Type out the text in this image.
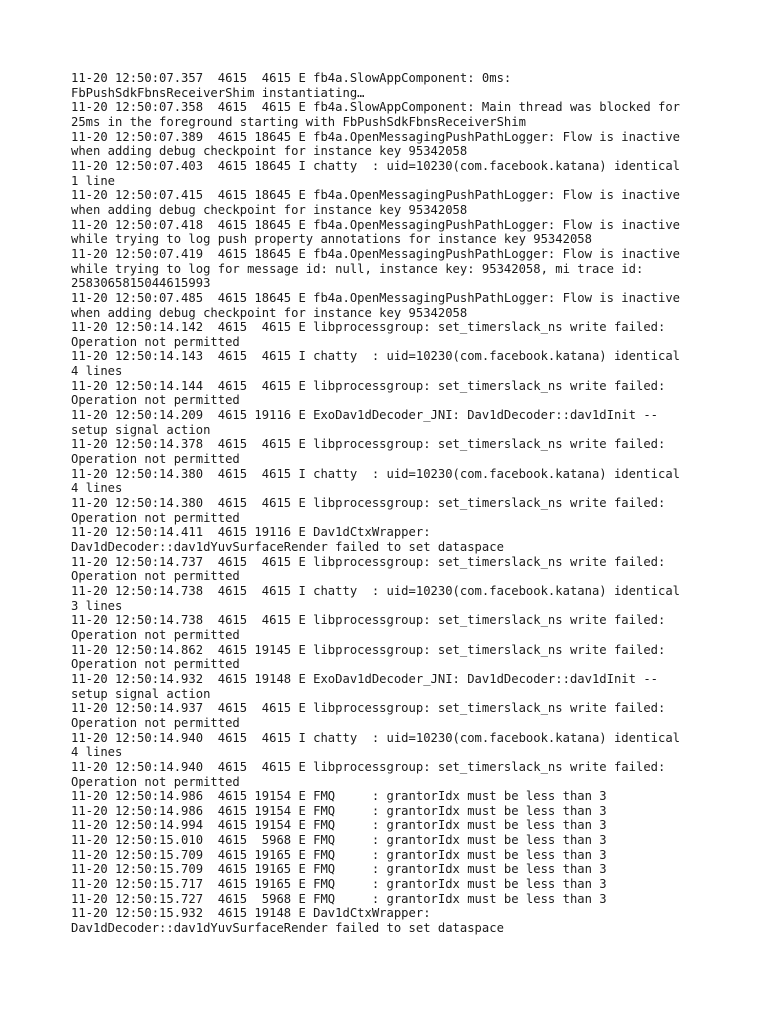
11-20 12:50:07.357  4615  4615 E fb4a.SlowAppComponent: 0ms:
FbPushSdkFbnsReceiverShim instantiating…
11-20 12:50:07.358  4615  4615 E fb4a.SlowAppComponent: Main thread was blocked for
25ms in the foreground starting with FbPushSdkFbnsReceiverShim
11-20 12:50:07.389  4615 18645 E fb4a.OpenMessagingPushPathLogger: Flow is inactive
when adding debug checkpoint for instance key 95342058
11-20 12:50:07.403  4615 18645 I chatty  : uid=10230(com.facebook.katana) identical
1 line
11-20 12:50:07.415  4615 18645 E fb4a.OpenMessagingPushPathLogger: Flow is inactive
when adding debug checkpoint for instance key 95342058
11-20 12:50:07.418  4615 18645 E fb4a.OpenMessagingPushPathLogger: Flow is inactive
while trying to log push property annotations for instance key 95342058
11-20 12:50:07.419  4615 18645 E fb4a.OpenMessagingPushPathLogger: Flow is inactive
while trying to log for message id: null, instance key: 95342058, mi trace id:
2583065815044615993
11-20 12:50:07.485  4615 18645 E fb4a.OpenMessagingPushPathLogger: Flow is inactive
when adding debug checkpoint for instance key 95342058
11-20 12:50:14.142  4615  4615 E libprocessgroup: set_timerslack_ns write failed:
Operation not permitted
11-20 12:50:14.143  4615  4615 I chatty  : uid=10230(com.facebook.katana) identical
4 lines
11-20 12:50:14.144  4615  4615 E libprocessgroup: set_timerslack_ns write failed:
Operation not permitted
11-20 12:50:14.209  4615 19116 E ExoDav1dDecoder_JNI: Dav1dDecoder::dav1dInit --
setup signal action
11-20 12:50:14.378  4615  4615 E libprocessgroup: set_timerslack_ns write failed:
Operation not permitted
11-20 12:50:14.380  4615  4615 I chatty  : uid=10230(com.facebook.katana) identical
4 lines
11-20 12:50:14.380  4615  4615 E libprocessgroup: set_timerslack_ns write failed:
Operation not permitted
11-20 12:50:14.411  4615 19116 E Dav1dCtxWrapper:
Dav1dDecoder::dav1dYuvSurfaceRender failed to set dataspace
11-20 12:50:14.737  4615  4615 E libprocessgroup: set_timerslack_ns write failed:
Operation not permitted
11-20 12:50:14.738  4615  4615 I chatty  : uid=10230(com.facebook.katana) identical
3 lines
11-20 12:50:14.738  4615  4615 E libprocessgroup: set_timerslack_ns write failed:
Operation not permitted
11-20 12:50:14.862  4615 19145 E libprocessgroup: set_timerslack_ns write failed:
Operation not permitted
11-20 12:50:14.932  4615 19148 E ExoDav1dDecoder_JNI: Dav1dDecoder::dav1dInit --
setup signal action
11-20 12:50:14.937  4615  4615 E libprocessgroup: set_timerslack_ns write failed:
Operation not permitted
11-20 12:50:14.940  4615  4615 I chatty  : uid=10230(com.facebook.katana) identical
4 lines
11-20 12:50:14.940  4615  4615 E libprocessgroup: set_timerslack_ns write failed:
Operation not permitted
11-20 12:50:14.986  4615 19154 E FMQ     : grantorIdx must be less than 3
11-20 12:50:14.986  4615 19154 E FMQ     : grantorIdx must be less than 3
11-20 12:50:14.994  4615 19154 E FMQ     : grantorIdx must be less than 3
11-20 12:50:15.010  4615  5968 E FMQ     : grantorIdx must be less than 3
11-20 12:50:15.709  4615 19165 E FMQ     : grantorIdx must be less than 3
11-20 12:50:15.709  4615 19165 E FMQ     : grantorIdx must be less than 3
11-20 12:50:15.717  4615 19165 E FMQ     : grantorIdx must be less than 3
11-20 12:50:15.727  4615  5968 E FMQ     : grantorIdx must be less than 3
11-20 12:50:15.932  4615 19148 E Dav1dCtxWrapper:
Dav1dDecoder::dav1dYuvSurfaceRender failed to set dataspace
